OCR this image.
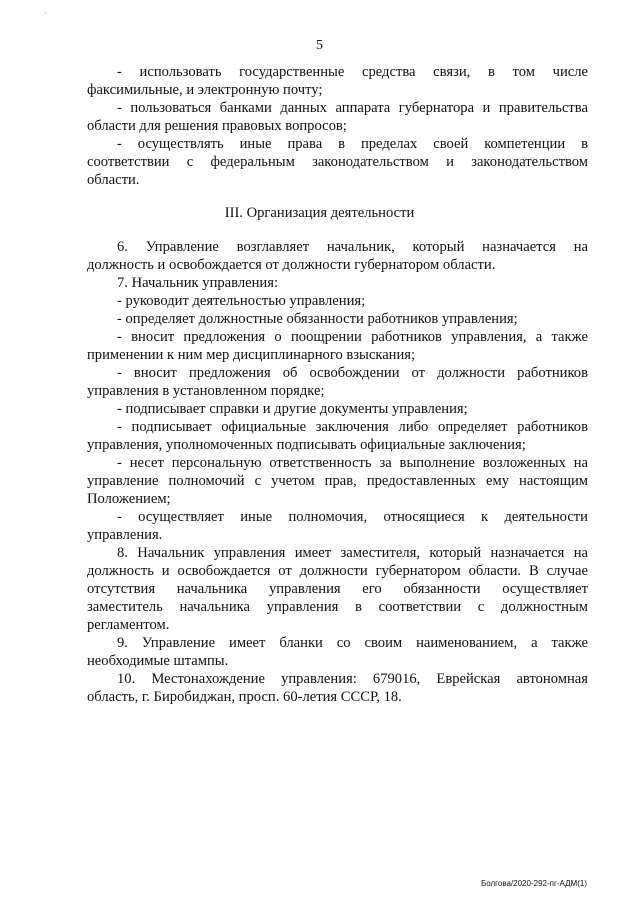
·
5
- использовать государственные средства связи, в том числе
факсимильные, и электронную почту;
- пользоваться банками данных аппарата губернатора и правительства
области для решения правовых вопросов;
- осуществлять иные права в пределах своей компетенции в
соответствии с федеральным законодательством и законодательством
области.
III. Организация деятельности
6. Управление возглавляет начальник, который назначается на
должность и освобождается от должности губернатором области.
7. Начальник управления:
- руководит деятельностью управления;
- определяет должностные обязанности работников управления;
- вносит предложения о поощрении работников управления, а также
применении к ним мер дисциплинарного взыскания;
- вносит предложения об освобождении от должности работников
управления в установленном порядке;
- подписывает справки и другие документы управления;
- подписывает официальные заключения либо определяет работников
управления, уполномоченных подписывать официальные заключения;
- несет персональную ответственность за выполнение возложенных на
управление полномочий с учетом прав, предоставленных ему настоящим
Положением;
- осуществляет иные полномочия, относящиеся к деятельности
управления.
8. Начальник управления имеет заместителя, который назначается на
должность и освобождается от должности губернатором области. В случае
отсутствия начальника управления его обязанности осуществляет
заместитель начальника управления в соответствии с должностным
регламентом.
9. Управление имеет бланки со своим наименованием, а также
необходимые штампы.
10. Местонахождение управления: 679016, Еврейская автономная
область, г. Биробиджан, просп. 60-летия СССР, 18.
Болгова/2020-292-пг-АДМ(1)
